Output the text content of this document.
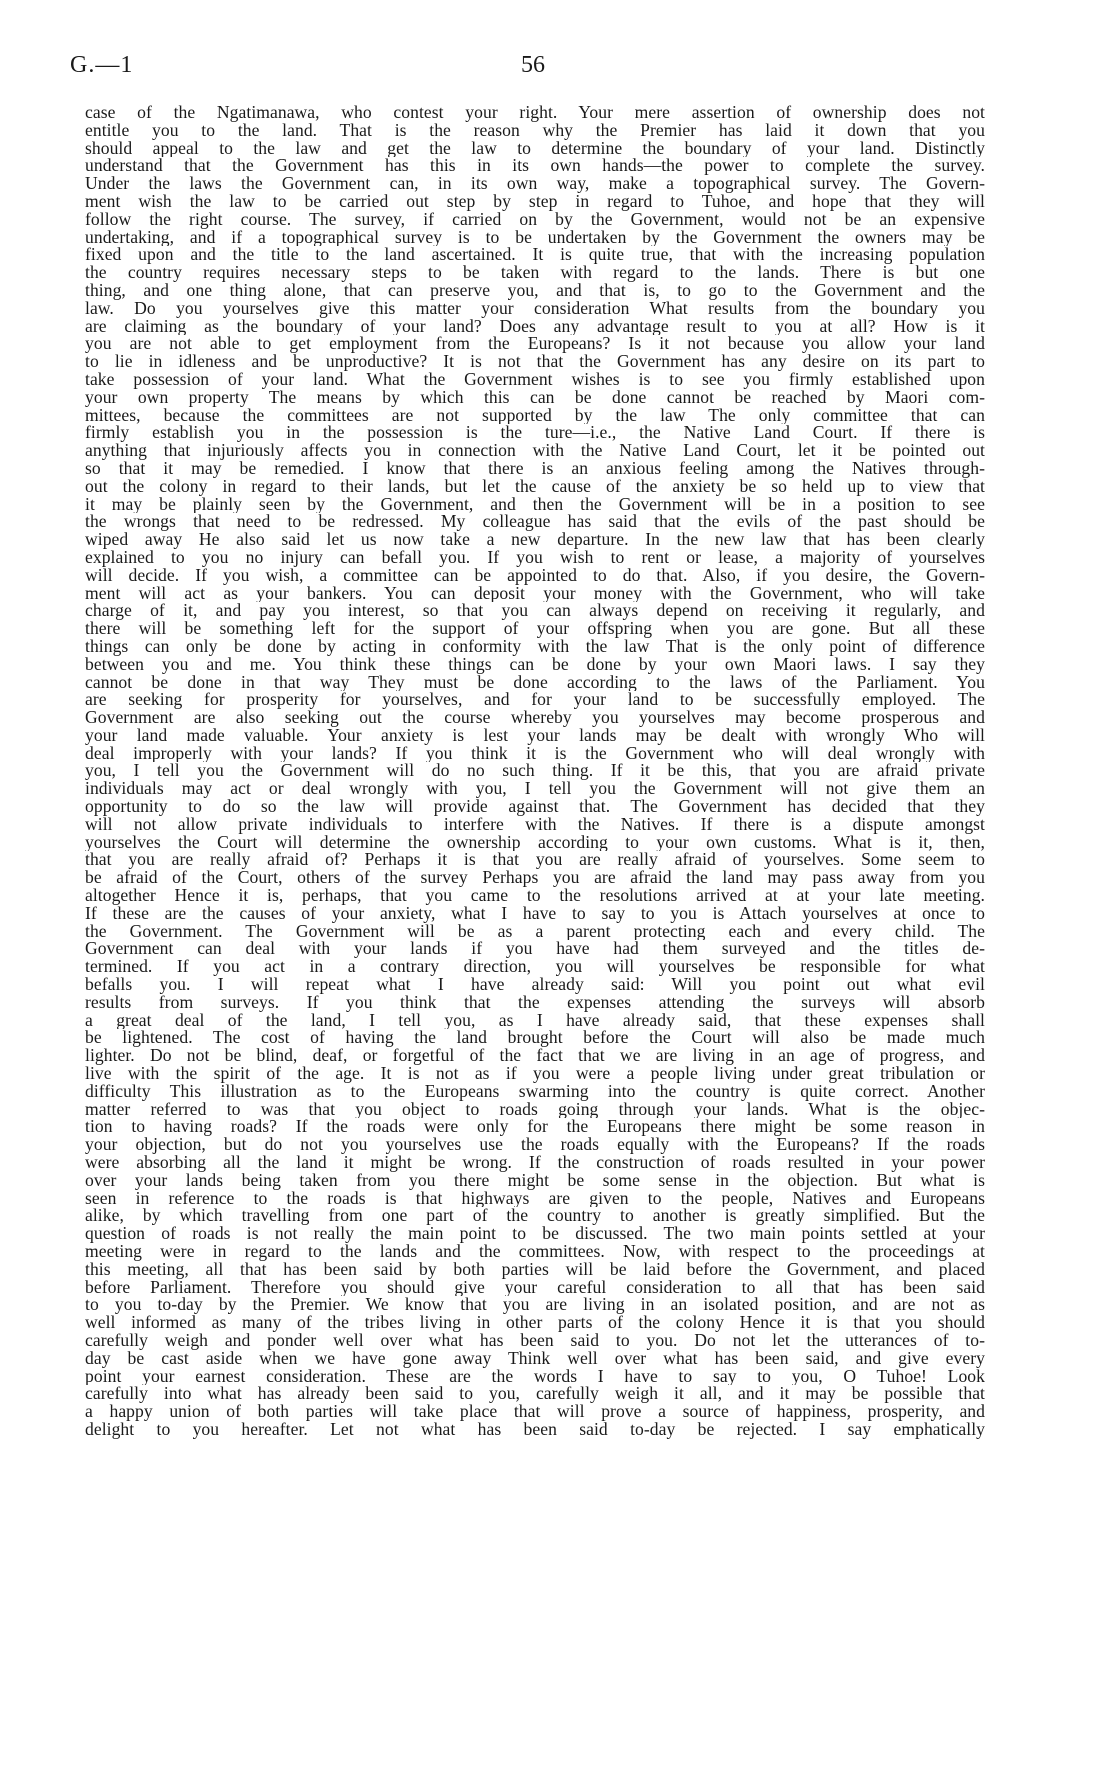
G.—1	56
case of the Ngatimanawa, who contest your right. Your mere assertion of ownership does not
entitle you to the land. That is the reason why the Premier has laid it down that you
should appeal to the law and get the law to determine the boundary of your land. Distinctly
understand that the Government has this in its own hands—the power to complete the survey.
Under the laws the Government can, in its own way, make a topographical survey. The Govern-
ment wish the law to be carried out step by step in regard to Tuhoe, and hope that they will
follow the right course. The survey, if carried on by the Government, would not be an expensive
undertaking, and if a topographical survey is to be undertaken by the Government the owners may be
fixed upon and the title to the land ascertained. It is quite true, that with the increasing population
the country requires necessary steps to be taken with regard to the lands. There is but one
thing, and one thing alone, that can preserve you, and that is, to go to the Government and the
law. Do you yourselves give this matter your consideration What results from the boundary you
are claiming as the boundary of your land? Does any advantage result to you at all? How is it
you are not able to get employment from the Europeans? Is it not because you allow your land
to lie in idleness and be unproductive? It is not that the Government has any desire on its part to
take possession of your land. What the Government wishes is to see you firmly established upon
your own property The means by which this can be done cannot be reached by Maori com-
mittees, because the committees are not supported by the law The only committee that can
firmly establish you in the possession is the ture—i.e., the Native Land Court. If there is
anything that injuriously affects you in connection with the Native Land Court, let it be pointed out
so that it may be remedied. I know that there is an anxious feeling among the Natives through-
out the colony in regard to their lands, but let the cause of the anxiety be so held up to view that
it may be plainly seen by the Government, and then the Government will be in a position to see
the wrongs that need to be redressed. My colleague has said that the evils of the past should be
wiped away He also said let us now take a new departure. In the new law that has been clearly
explained to you no injury can befall you. If you wish to rent or lease, a majority of yourselves
will decide. If you wish, a committee can be appointed to do that. Also, if you desire, the Govern-
ment will act as your bankers. You can deposit your money with the Government, who will take
charge of it, and pay you interest, so that you can always depend on receiving it regularly, and
there will be something left for the support of your offspring when you are gone. But all these
things can only be done by acting in conformity with the law That is the only point of difference
between you and me. You think these things can be done by your own Maori laws. I say they
cannot be done in that way They must be done according to the laws of the Parliament. You
are seeking for prosperity for yourselves, and for your land to be successfully employed. The
Government are also seeking out the course whereby you yourselves may become prosperous and
your land made valuable. Your anxiety is lest your lands may be dealt with wrongly Who will
deal improperly with your lands? If you think it is the Government who will deal wrongly with
you, I tell you the Government will do no such thing. If it be this, that you are afraid private
individuals may act or deal wrongly with you, I tell you the Government will not give them an
opportunity to do so the law will provide against that. The Government has decided that they
will not allow private individuals to interfere with the Natives. If there is a dispute amongst
yourselves the Court will determine the ownership according to your own customs. What is it, then,
that you are really afraid of? Perhaps it is that you are really afraid of yourselves. Some seem to
be afraid of the Court, others of the survey Perhaps you are afraid the land may pass away from you
altogether Hence it is, perhaps, that you came to the resolutions arrived at at your late meeting.
If these are the causes of your anxiety, what I have to say to you is Attach yourselves at once to
the Government. The Government will be as a parent protecting each and every child. The
Government can deal with your lands if you have had them surveyed and the titles de-
termined. If you act in a contrary direction, you will yourselves be responsible for what
befalls you. I will repeat what I have already said: Will you point out what evil
results from surveys. If you think that the expenses attending the surveys will absorb
a great deal of the land, I tell you, as I have already said, that these expenses shall
be lightened. The cost of having the land brought before the Court will also be made much
lighter. Do not be blind, deaf, or forgetful of the fact that we are living in an age of progress, and
live with the spirit of the age. It is not as if you were a people living under great tribulation or
difficulty This illustration as to the Europeans swarming into the country is quite correct. Another
matter referred to was that you object to roads going through your lands. What is the objec-
tion to having roads? If the roads were only for the Europeans there might be some reason in
your objection, but do not you yourselves use the roads equally with the Europeans? If the roads
were absorbing all the land it might be wrong. If the construction of roads resulted in your power
over your lands being taken from you there might be some sense in the objection. But what is
seen in reference to the roads is that highways are given to the people, Natives and Europeans
alike, by which travelling from one part of the country to another is greatly simplified. But the
question of roads is not really the main point to be discussed. The two main points settled at your
meeting were in regard to the lands and the committees. Now, with respect to the proceedings at
this meeting, all that has been said by both parties will be laid before the Government, and placed
before Parliament. Therefore you should give your careful consideration to all that has been said
to you to-day by the Premier. We know that you are living in an isolated position, and are not as
well informed as many of the tribes living in other parts of the colony Hence it is that you should
carefully weigh and ponder well over what has been said to you. Do not let the utterances of to-
day be cast aside when we have gone away Think well over what has been said, and give every
point your earnest consideration. These are the words I have to say to you, O Tuhoe! Look
carefully into what has already been said to you, carefully weigh it all, and it may be possible that
a happy union of both parties will take place that will prove a source of happiness, prosperity, and
delight to you hereafter. Let not what has been said to-day be rejected. I say emphatically
